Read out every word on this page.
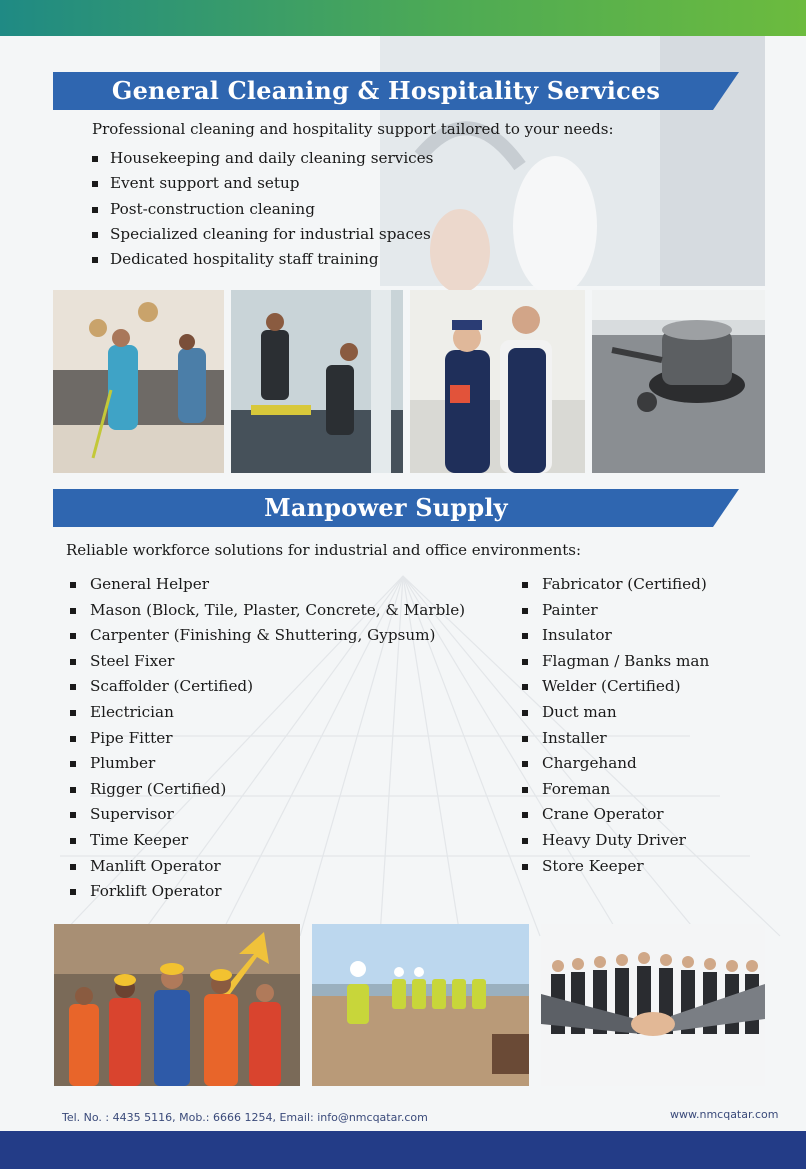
General Cleaning & Hospitality Services
Professional cleaning and hospitality support tailored to your needs:
Housekeeping and daily cleaning services
Event support and setup
Post-construction cleaning
Specialized cleaning for industrial spaces
Dedicated hospitality staff training
Manpower Supply
Reliable workforce solutions for industrial and office environments:
General Helper
Mason (Block, Tile, Plaster, Concrete, & Marble)
Carpenter (Finishing & Shuttering, Gypsum)
Steel Fixer
Scaffolder (Certified)
Electrician
Pipe Fitter
Plumber
Rigger (Certified)
Supervisor
Time Keeper
Manlift Operator
Forklift Operator
Fabricator (Certified)
Painter
Insulator
Flagman / Banks man
Welder (Certified)
Duct man
Installer
Chargehand
Foreman
Crane Operator
Heavy Duty Driver
Store Keeper
Tel. No. : 4435 5116, Mob.: 6666 1254, Email: info@nmcqatar.com	www.nmcqatar.com
